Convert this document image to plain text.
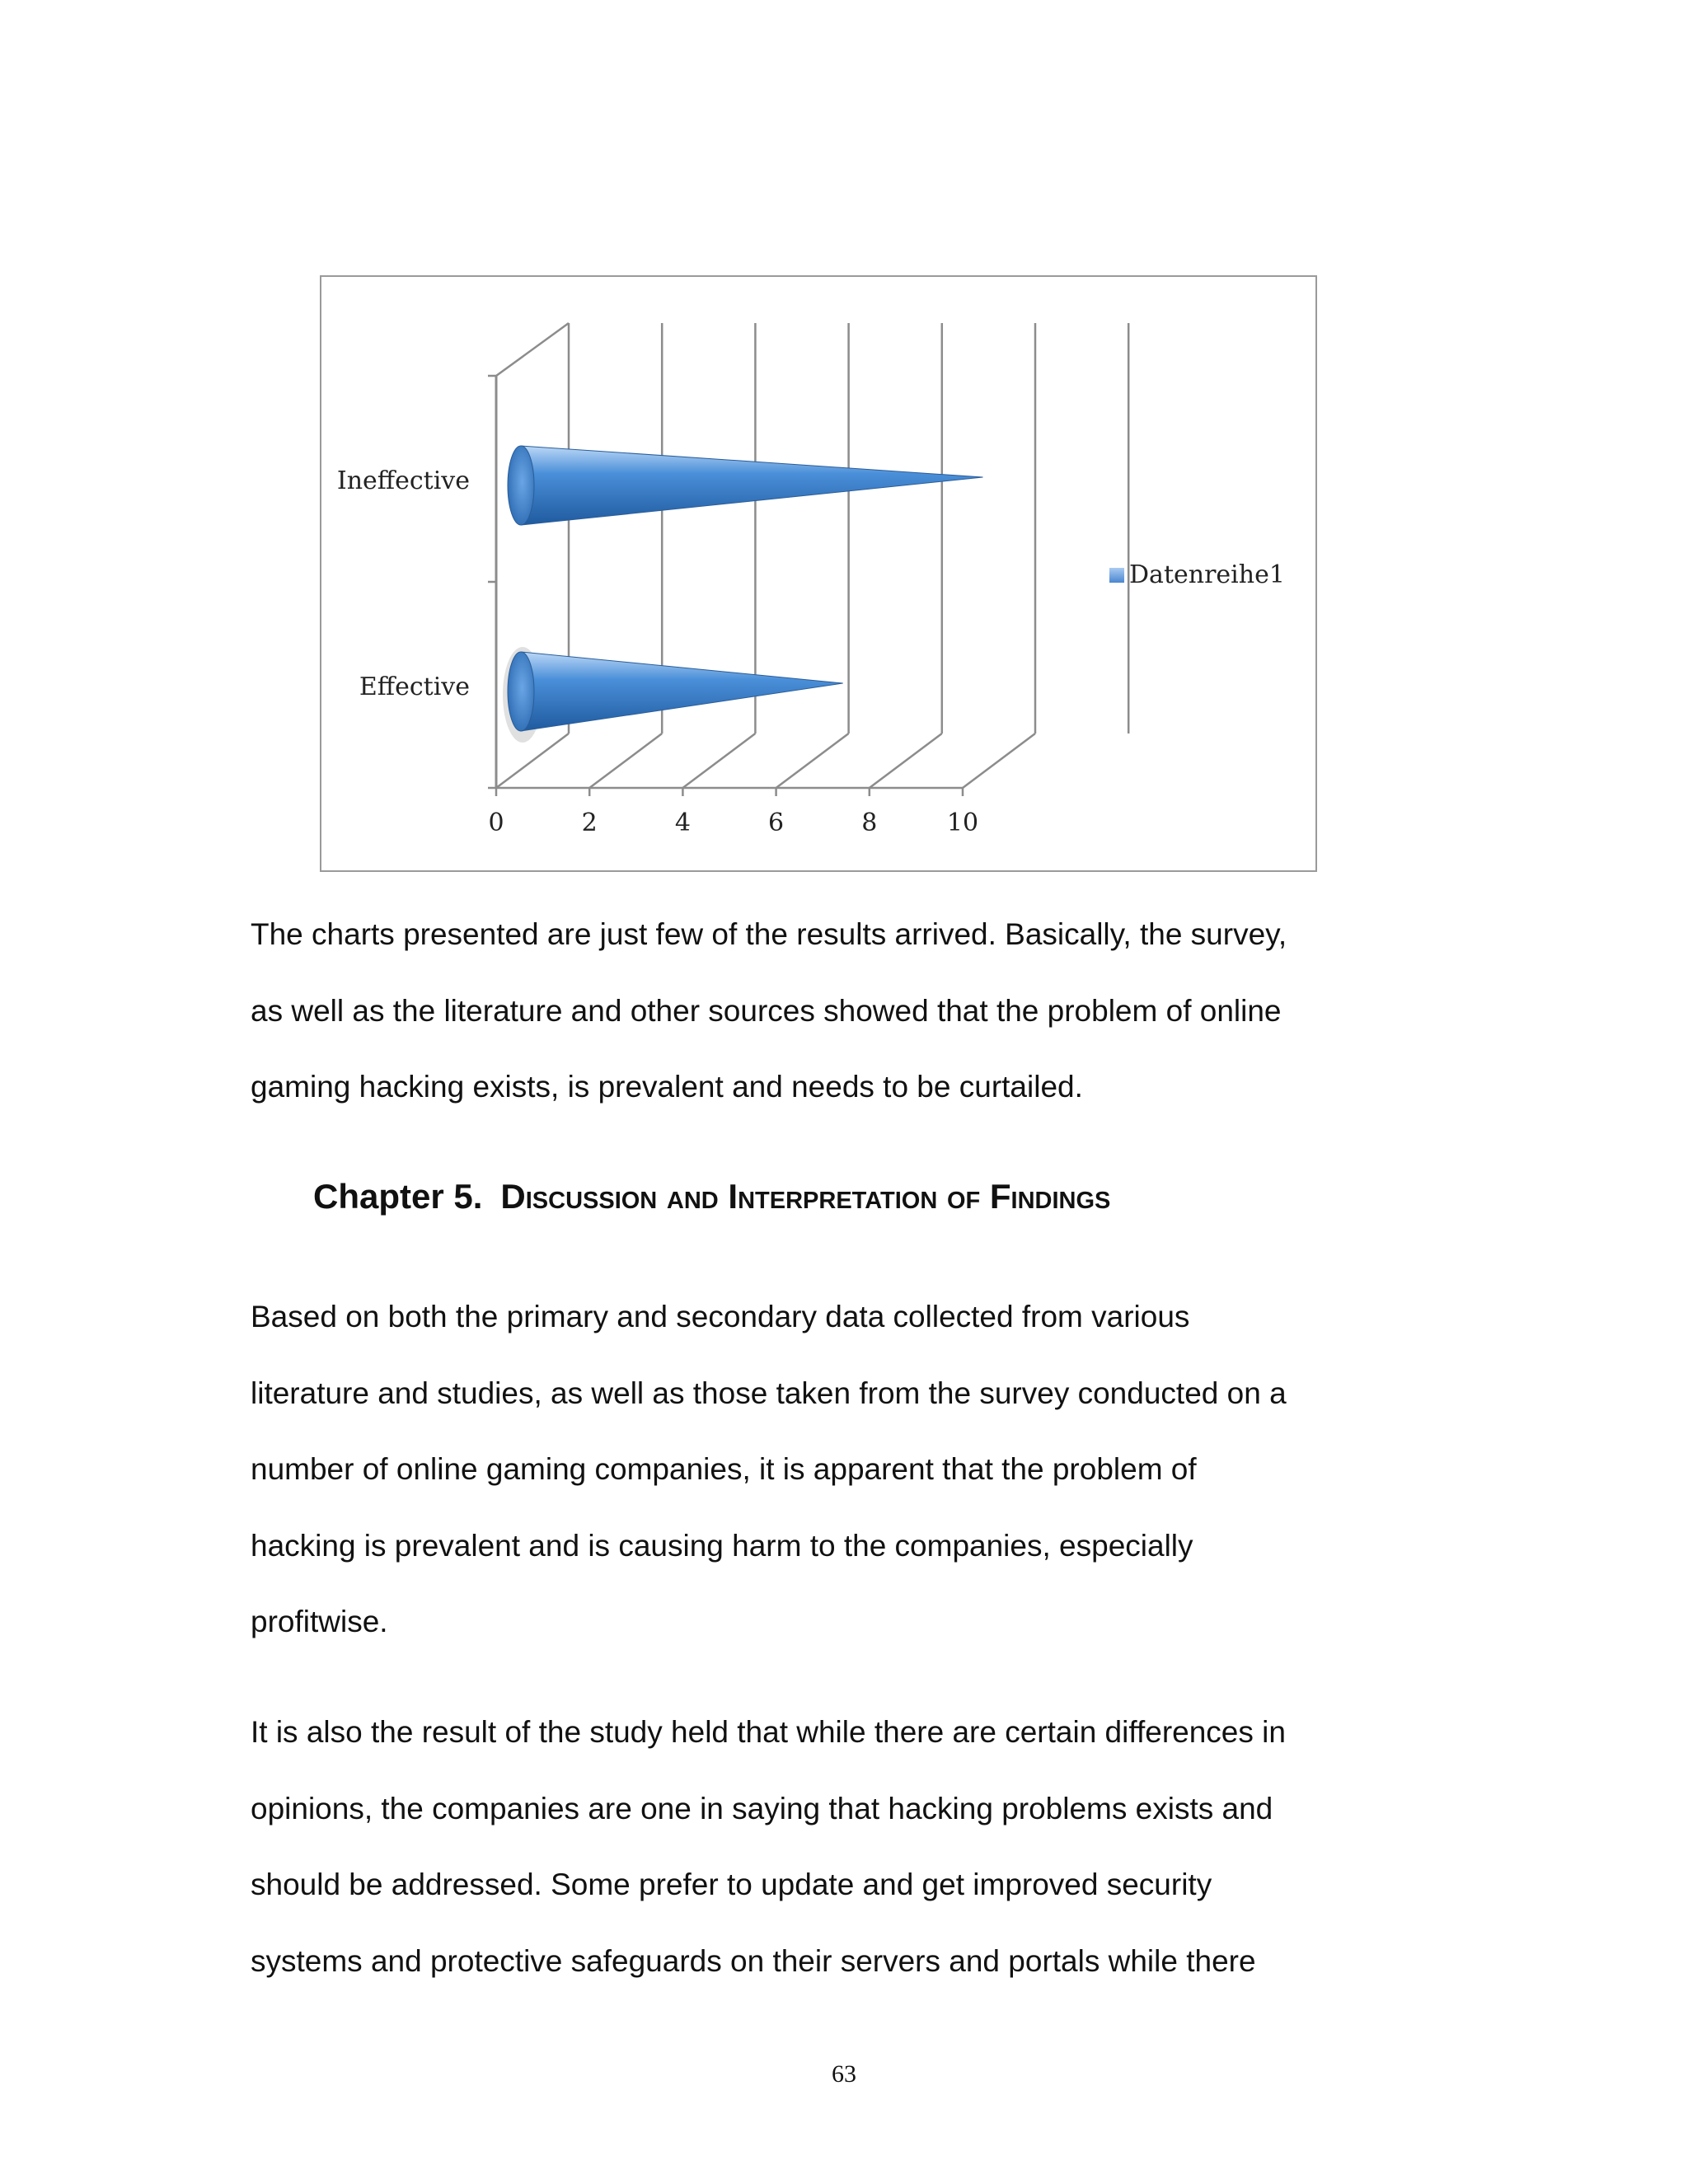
0	2	4	6	8	10
Ineffective
Effective
Datenreihe1
The charts presented are just few of the results arrived. Basically, the survey,
as well as the literature and other sources showed that the problem of online
gaming hacking exists, is prevalent and needs to be curtailed.
Chapter 5. Discussion and Interpretation of Findings
Based on both the primary and secondary data collected from various
literature and studies, as well as those taken from the survey conducted on a
number of online gaming companies, it is apparent that the problem of
hacking is prevalent and is causing harm to the companies, especially
profitwise.
It is also the result of the study held that while there are certain differences in
opinions, the companies are one in saying that hacking problems exists and
should be addressed. Some prefer to update and get improved security
systems and protective safeguards on their servers and portals while there
63
